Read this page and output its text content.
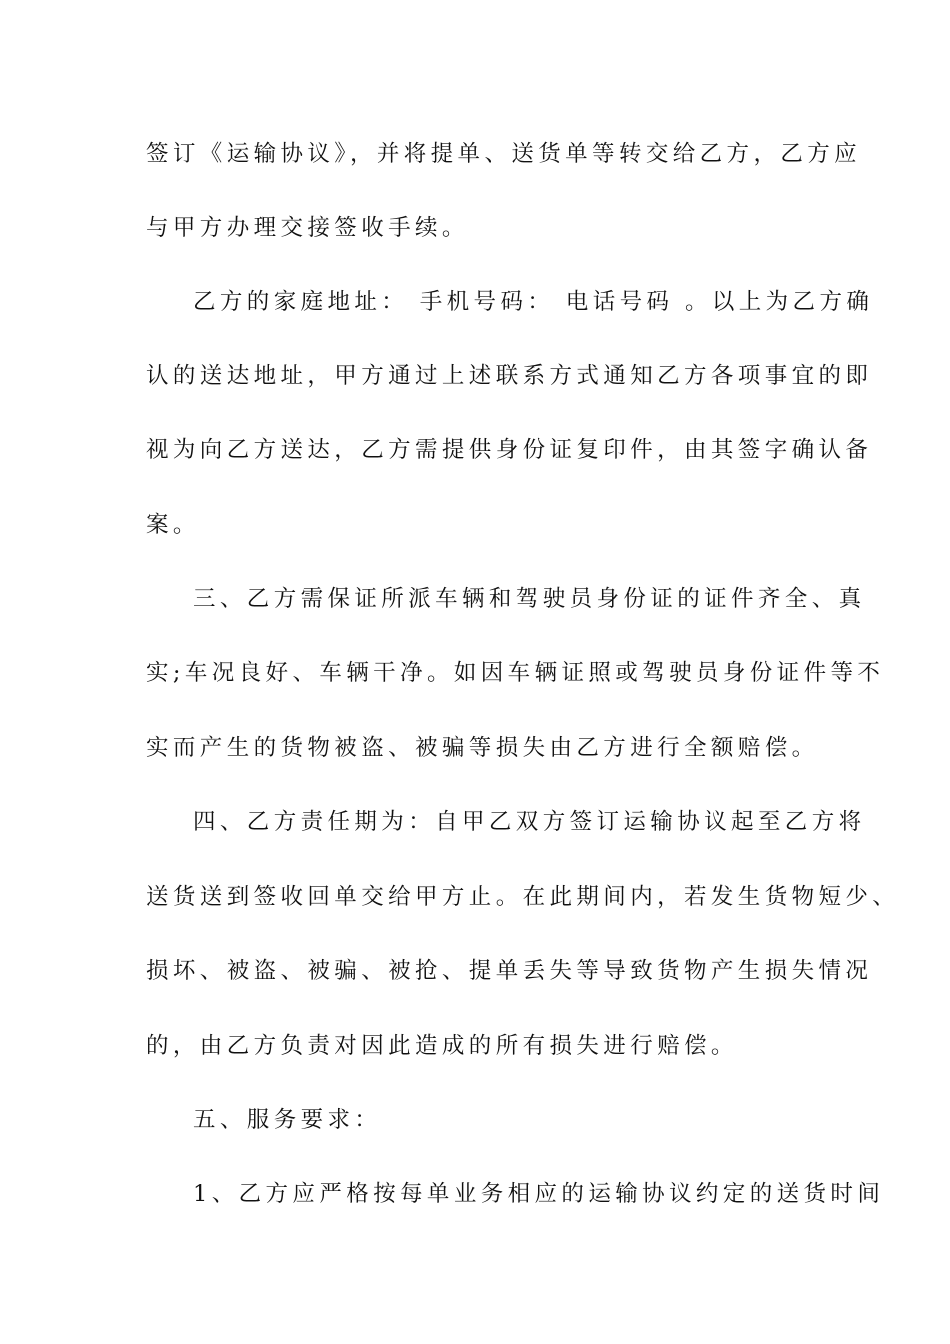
签订《运输协议》，并将提单、送货单等转交给乙方，乙方应
与甲方办理交接签收手续。
乙方的家庭地址： 手机号码： 电话号码 。以上为乙方确
认的送达地址，甲方通过上述联系方式通知乙方各项事宜的即
视为向乙方送达，乙方需提供身份证复印件，由其签字确认备
案。
三、乙方需保证所派车辆和驾驶员身份证的证件齐全、真
实;车况良好、车辆干净。如因车辆证照或驾驶员身份证件等不
实而产生的货物被盗、被骗等损失由乙方进行全额赔偿。
四、乙方责任期为：自甲乙双方签订运输协议起至乙方将
送货送到签收回单交给甲方止。在此期间内，若发生货物短少、
损坏、被盗、被骗、被抢、提单丢失等导致货物产生损失情况
的，由乙方负责对因此造成的所有损失进行赔偿。
五、服务要求：
1、乙方应严格按每单业务相应的运输协议约定的送货时间
